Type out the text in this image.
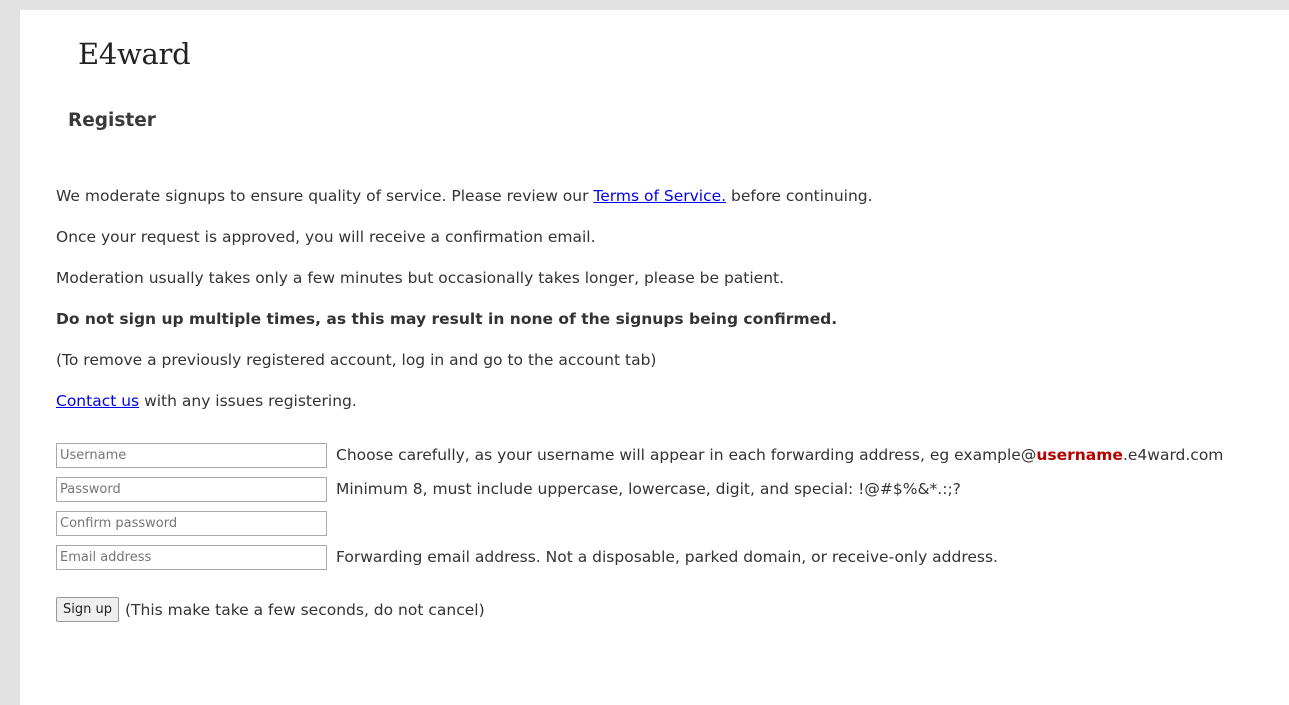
E4ward
Register

We moderate signups to ensure quality of service. Please review our Terms of Service. before continuing.

Once your request is approved, you will receive a confirmation email.

Moderation usually takes only a few minutes but occasionally takes longer, please be patient.

Do not sign up multiple times, as this may result in none of the signups being confirmed.

(To remove a previously registered account, log in and go to the account tab)

Contact us with any issues registering.

Username
Choose carefully, as your username will appear in each forwarding address, eg example@username.e4ward.com
Minimum 8, must include uppercase, lowercase, digit, and special: !@#$%&*.:;?
Email address
Forwarding email address. Not a disposable, parked domain, or receive-only address.
Sign up (This make take a few seconds, do not cancel)
